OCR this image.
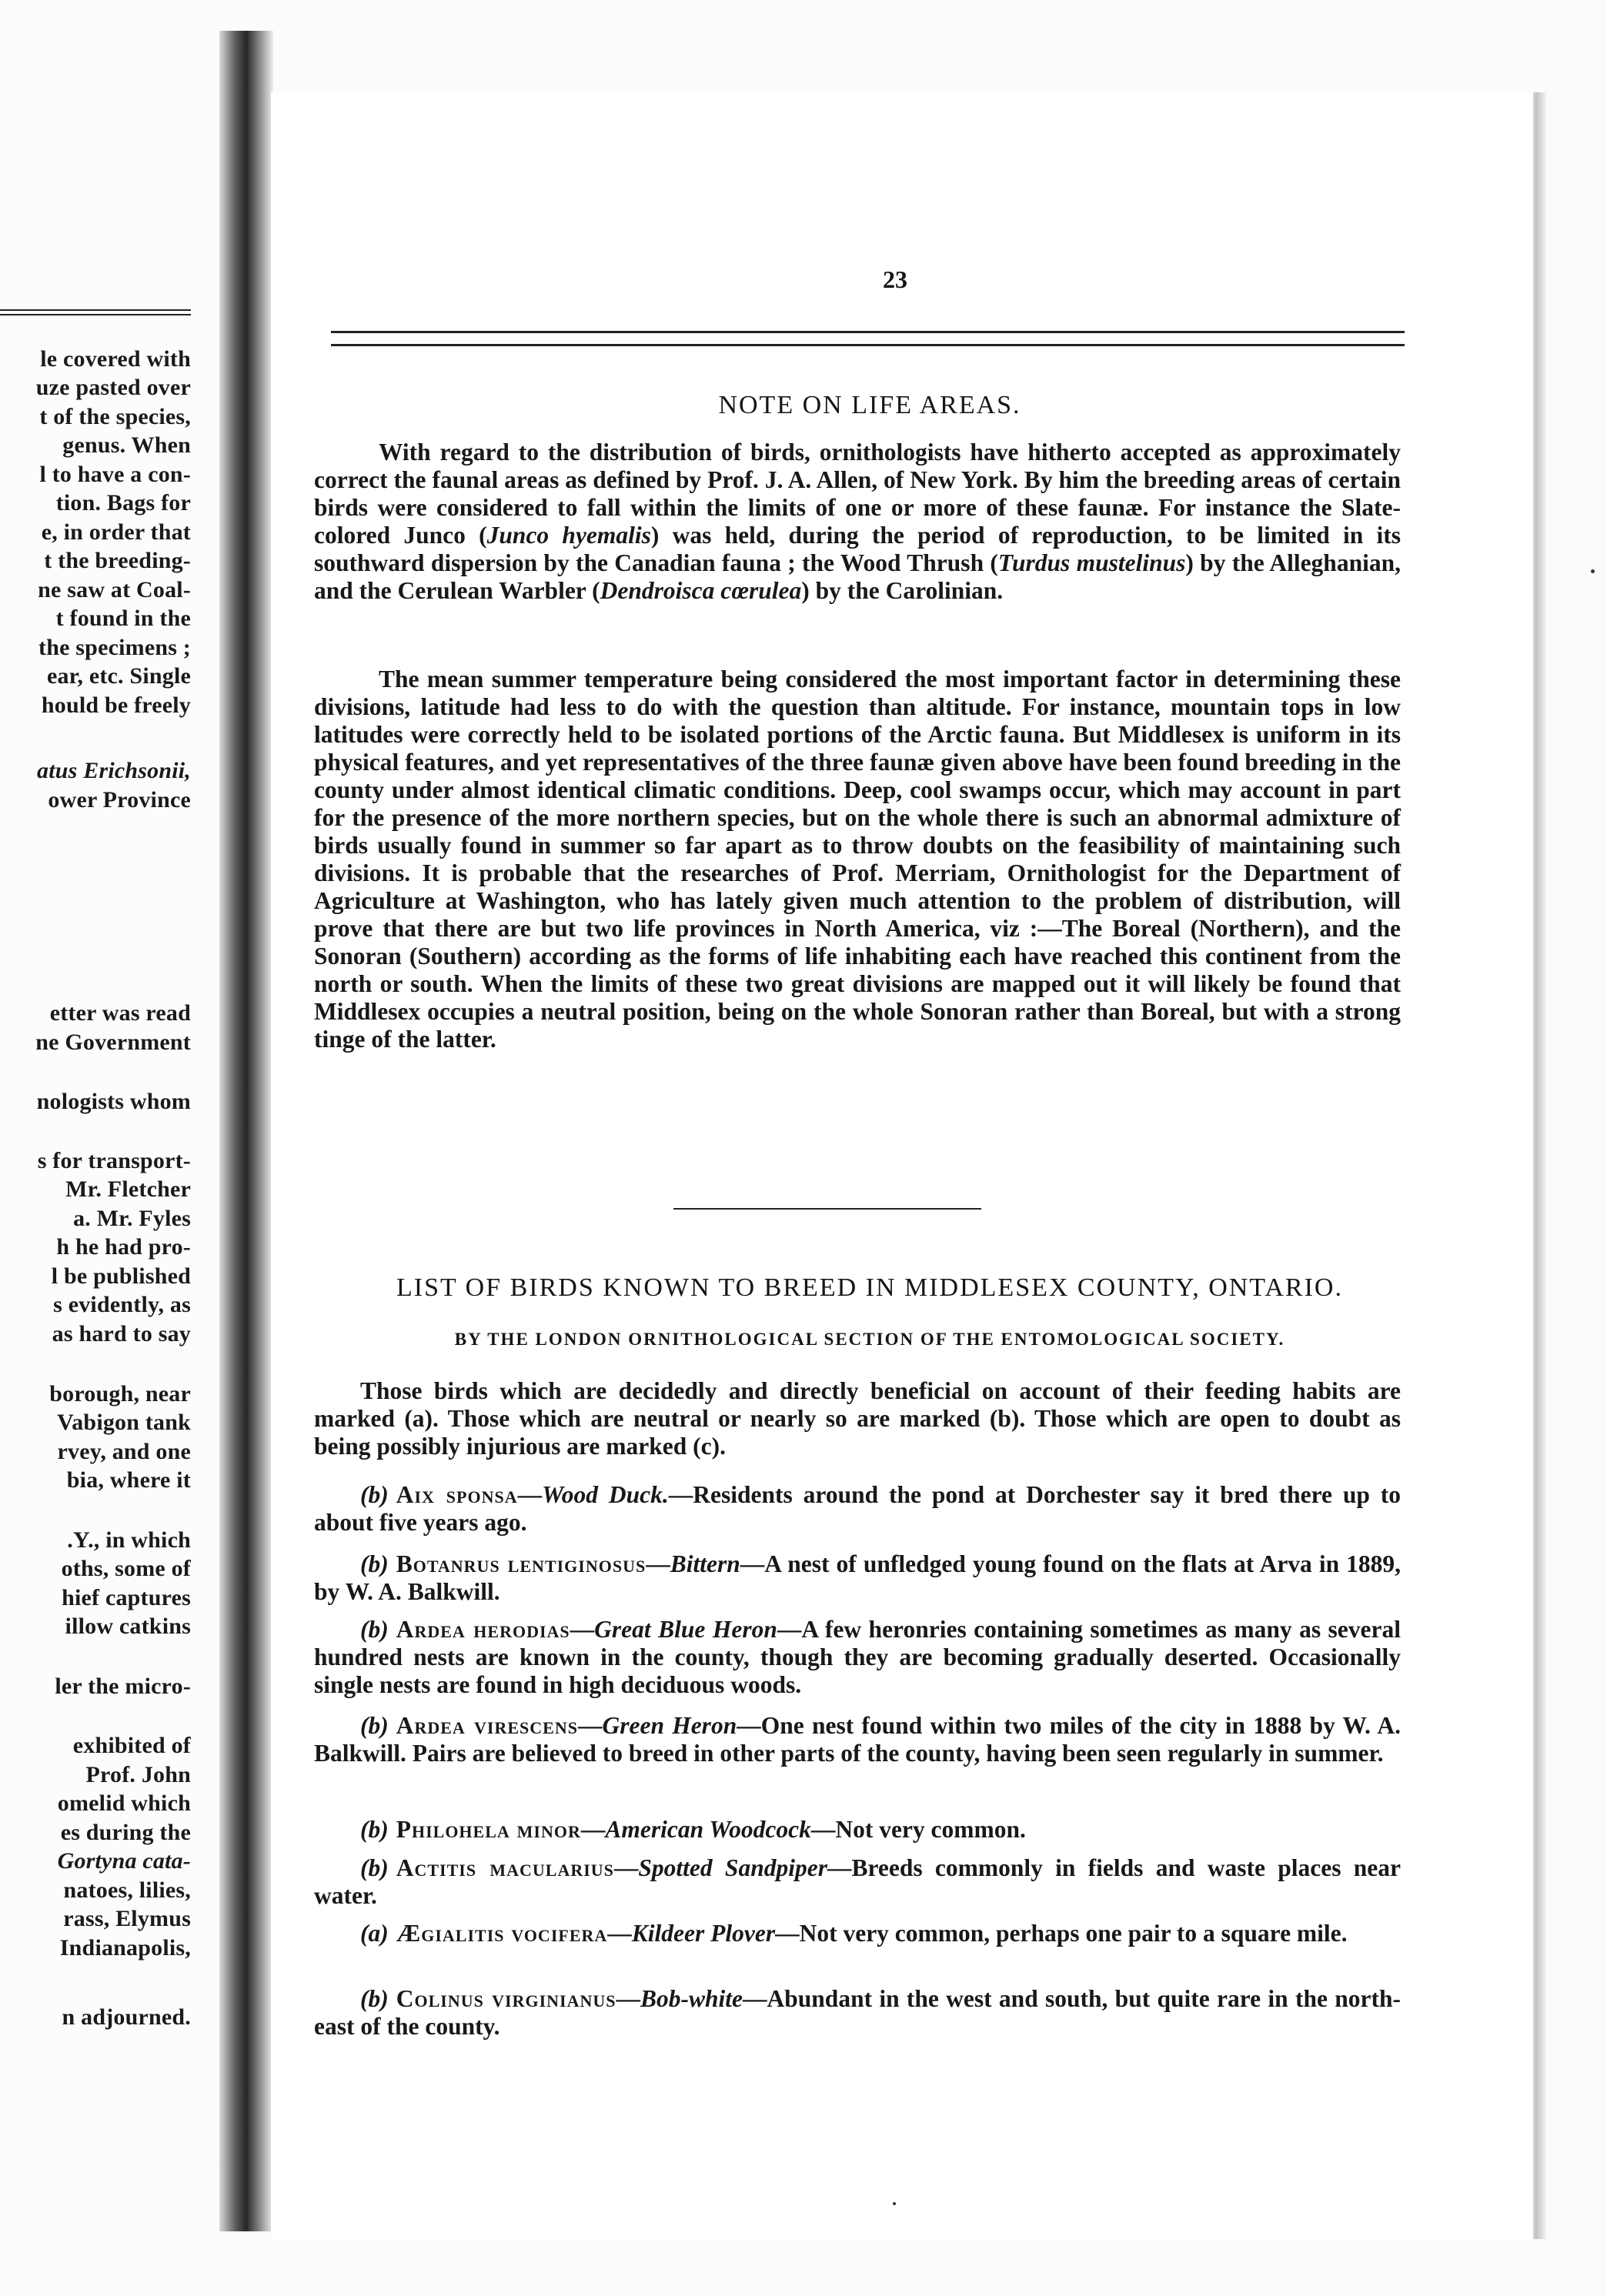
le covered with
uze pasted over
t of the species,
genus. When
l to have a con-
tion. Bags for
e, in order that
t the breeding-
ne saw at Coal-
t found in the
the specimens ;
ear, etc. Single
hould be freely
atus Erichsonii,
ower Province
etter was read
ne Government
nologists whom
s for transport-
Mr. Fletcher
a. Mr. Fyles
h he had pro-
l be published
s evidently, as
as hard to say
borough, near
Vabigon tank
rvey, and one
bia, where it
.Y., in which
oths, some of
hief captures
illow catkins
ler the micro-
exhibited of
Prof. John
omelid which
es during the
Gortyna cata-
natoes, lilies,
rass, Elymus
Indianapolis,
n adjourned.
23
NOTE ON LIFE AREAS.

With regard to the distribution of birds, ornithologists have hitherto accepted as approximately correct the faunal areas as defined by Prof. J. A. Allen, of New York. By him the breeding areas of certain birds were considered to fall within the limits of one or more of these faunæ. For instance the Slate-colored Junco (Junco hyemalis) was held, during the period of reproduction, to be limited in its southward dispersion by the Canadian fauna ; the Wood Thrush (Turdus mustelinus) by the Alleghanian, and the Cerulean Warbler (Dendroisca cœrulea) by the Carolinian.

The mean summer temperature being considered the most important factor in determining these divisions, latitude had less to do with the question than altitude. For instance, mountain tops in low latitudes were correctly held to be isolated portions of the Arctic fauna. But Middlesex is uniform in its physical features, and yet representatives of the three faunæ given above have been found breeding in the county under almost identical climatic conditions. Deep, cool swamps occur, which may account in part for the presence of the more northern species, but on the whole there is such an abnormal admixture of birds usually found in summer so far apart as to throw doubts on the feasibility of maintaining such divisions. It is probable that the researches of Prof. Merriam, Ornithologist for the Department of Agriculture at Washington, who has lately given much attention to the problem of distribution, will prove that there are but two life provinces in North America, viz :—The Boreal (Northern), and the Sonoran (Southern) according as the forms of life inhabiting each have reached this continent from the north or south. When the limits of these two great divisions are mapped out it will likely be found that Middlesex occupies a neutral position, being on the whole Sonoran rather than Boreal, but with a strong tinge of the latter.

LIST OF BIRDS KNOWN TO BREED IN MIDDLESEX COUNTY, ONTARIO.
BY THE LONDON ORNITHOLOGICAL SECTION OF THE ENTOMOLOGICAL SOCIETY.

Those birds which are decidedly and directly beneficial on account of their feeding habits are marked (a). Those which are neutral or nearly so are marked (b). Those which are open to doubt as being possibly injurious are marked (c).

(b) Aix sponsa—Wood Duck.—Residents around the pond at Dorchester say it bred there up to about five years ago.

(b) Botanrus lentiginosus—Bittern—A nest of unfledged young found on the flats at Arva in 1889, by W. A. Balkwill.

(b) Ardea herodias—Great Blue Heron—A few heronries containing sometimes as many as several hundred nests are known in the county, though they are becoming gradually deserted. Occasionally single nests are found in high deciduous woods.

(b) Ardea virescens—Green Heron—One nest found within two miles of the city in 1888 by W. A. Balkwill. Pairs are believed to breed in other parts of the county, having been seen regularly in summer.

(b) Philohela minor—American Woodcock—Not very common.

(b) Actitis macularius—Spotted Sandpiper—Breeds commonly in fields and waste places near water.

(a) Ægialitis vocifera—Kildeer Plover—Not very common, perhaps one pair to a square mile.

(b) Colinus virginianus—Bob-white—Abundant in the west and south, but quite rare in the north-east of the county.
